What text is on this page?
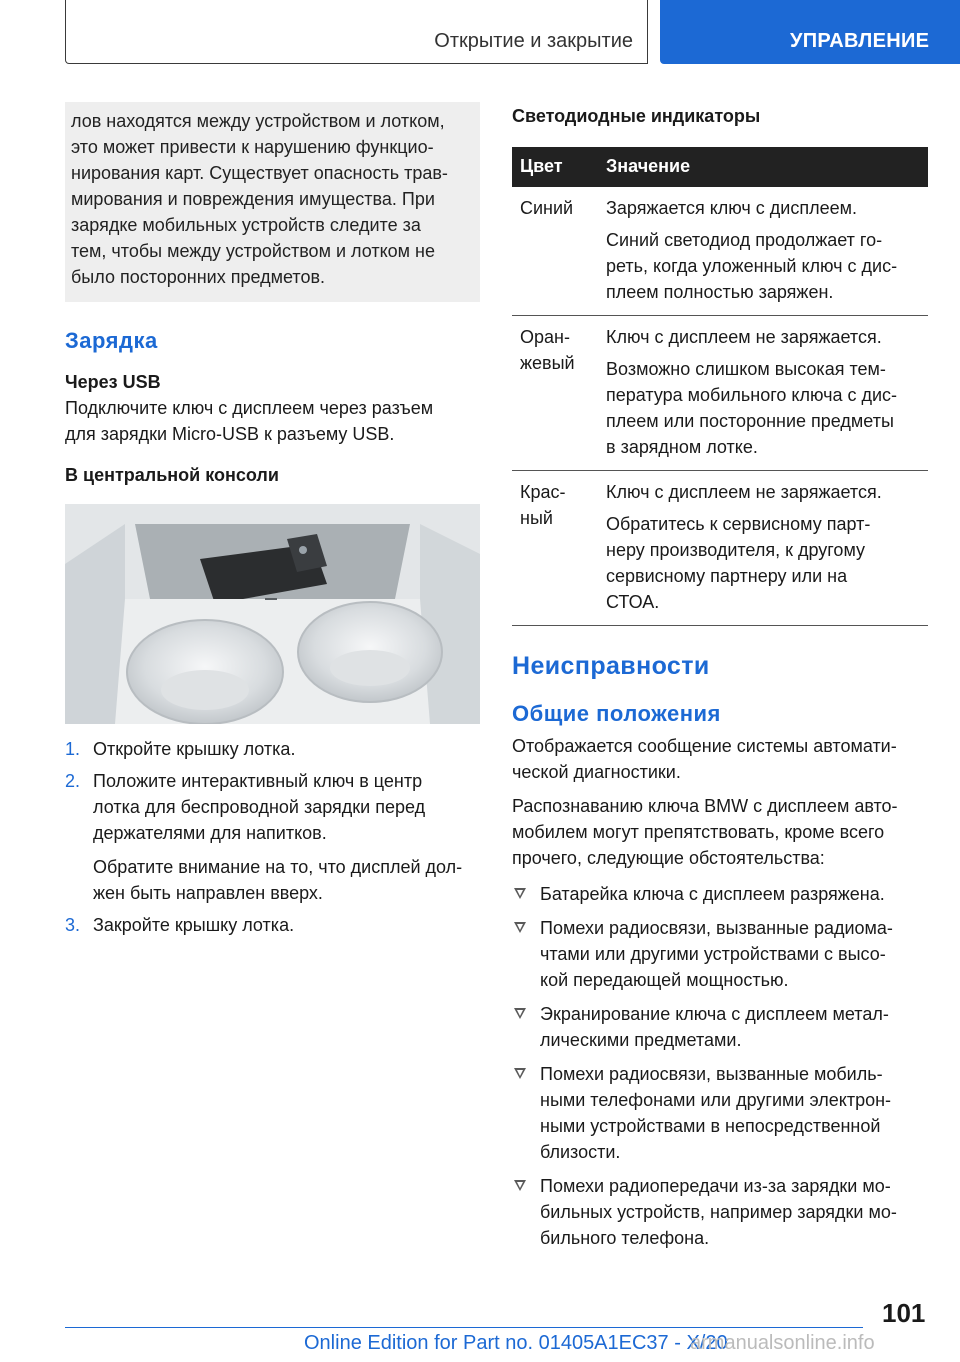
Открытие и закрытие	УПРАВЛЕНИЕ
лов находятся между устройством и лотком,
это может привести к нарушению функцио-
нирования карт. Существует опасность трав-
мирования и повреждения имущества. При
зарядке мобильных устройств следите за
тем, чтобы между устройством и лотком не
было посторонних предметов.
Зарядка
Через USB
Подключите ключ с дисплеем через разъем
для зарядки Micro-USB к разъему USB.
В центральной консоли
1. Откройте крышку лотка.
2. Положите интерактивный ключ в центр
лотка для беспроводной зарядки перед
держателями для напитков.
Обратите внимание на то, что дисплей дол-
жен быть направлен вверх.
3. Закройте крышку лотка.
Светодиодные индикаторы
Цвет Значение
Синий	Заряжается ключ с дисплеем.
Синий светодиод продолжает го-
реть, когда уложенный ключ с дис-
плеем полностью заряжен.
Оран-
жевый
Ключ с дисплеем не заряжается.
Возможно слишком высокая тем-
пература мобильного ключа с дис-
плеем или посторонние предметы
в зарядном лотке.
Крас-
ный
Ключ с дисплеем не заряжается.
Обратитесь к сервисному парт-
неру производителя, к другому
сервисному партнеру или на
СТОА.
Неисправности
Общие положения
Отображается сообщение системы автомати-
ческой диагностики.
Распознаванию ключа BMW с дисплеем авто-
мобилем могут препятствовать, кроме всего
прочего, следующие обстоятельства:
Батарейка ключа с дисплеем разряжена.
Помехи радиосвязи, вызванные радиома-
чтами или другими устройствами с высо-
кой передающей мощностью.
Экранирование ключа с дисплеем метал-
лическими предметами.
Помехи радиосвязи, вызванные мобиль-
ными телефонами или другими электрон-
ными устройствами в непосредственной
близости.
Помехи радиопередачи из-за зарядки мо-
бильных устройств, например зарядки мо-
бильного телефона.
101
Online Edition for Part no. 01405A1EC37 - X/20
armanualsonline.info
